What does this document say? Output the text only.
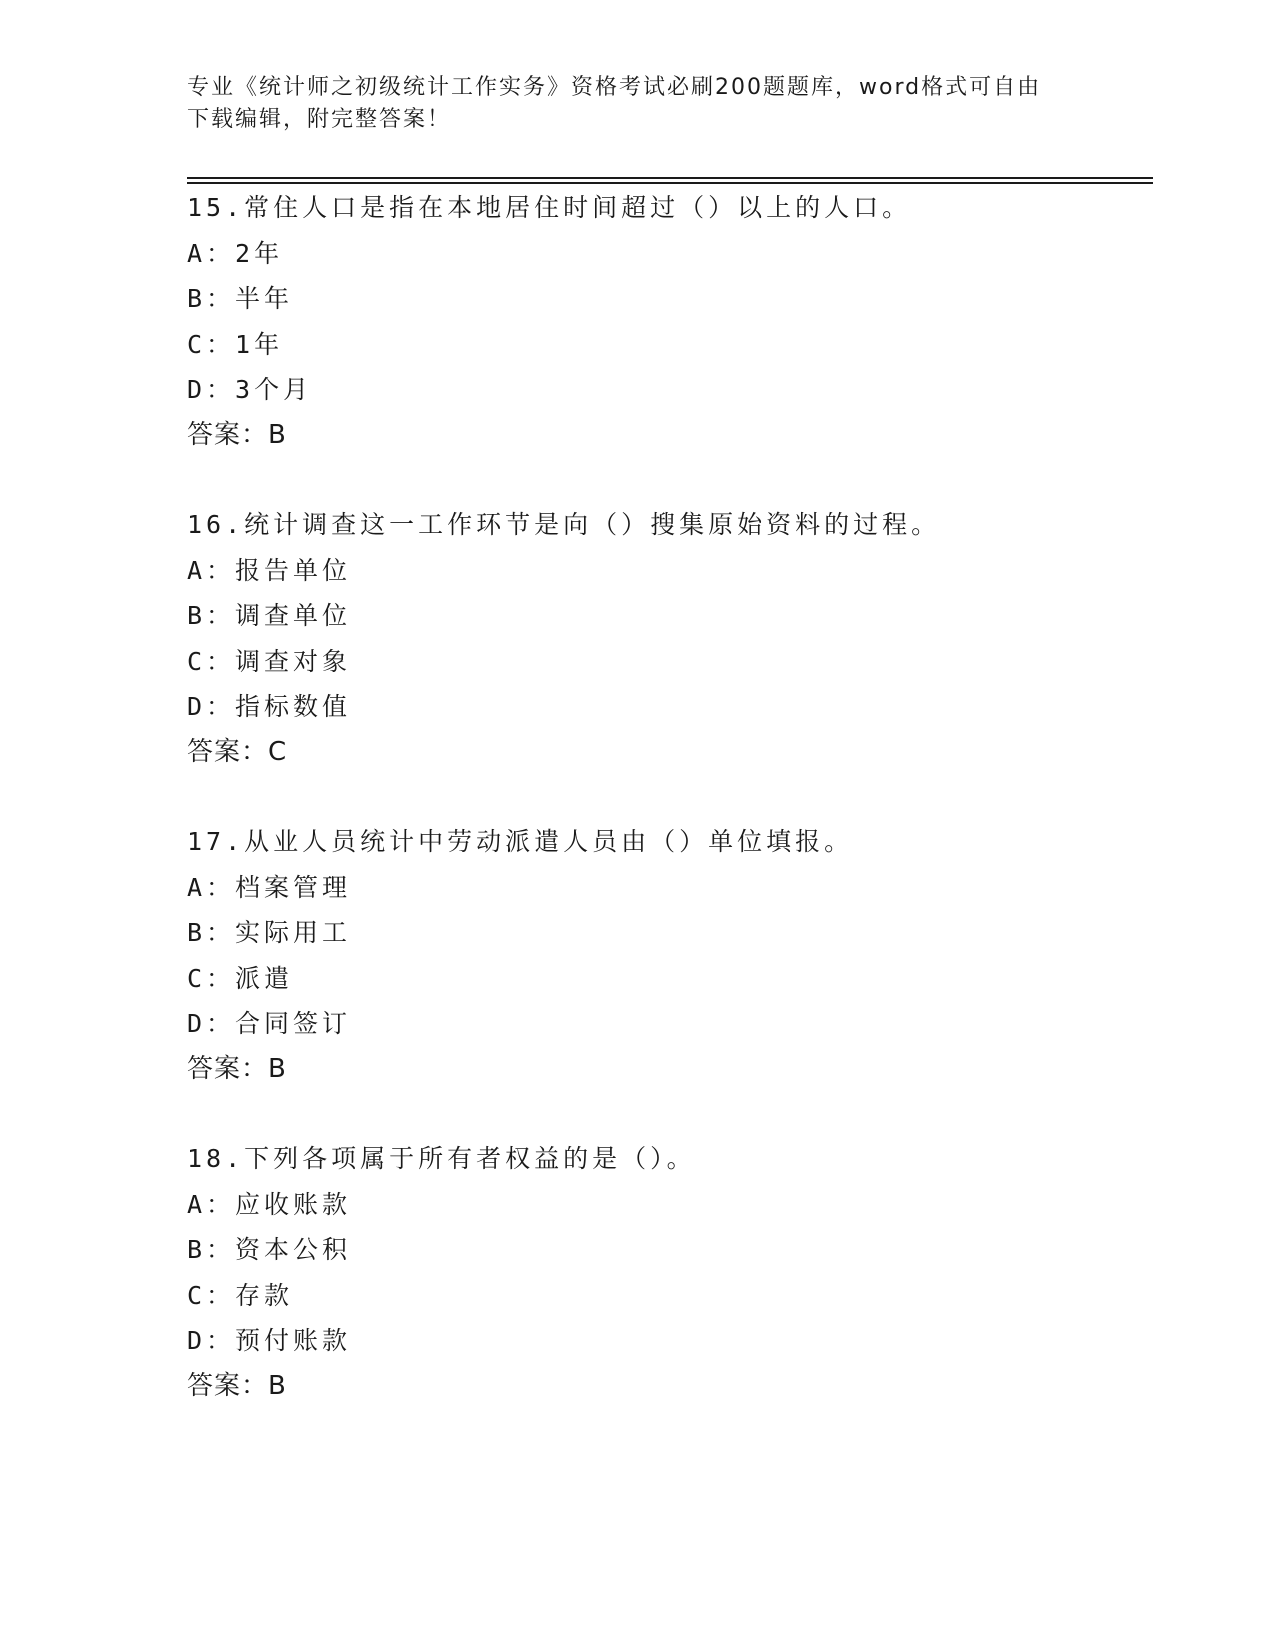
专业《统计师之初级统计工作实务》资格考试必刷200题题库，word格式可自由
下载编辑，附完整答案！
15.常住人口是指在本地居住时间超过（）以上的人口。
A：2年
B：半年
C：1年
D：3个月
答案：B
16.统计调查这一工作环节是向（）搜集原始资料的过程。
A：报告单位
B：调查单位
C：调查对象
D：指标数值
答案：C
17.从业人员统计中劳动派遣人员由（）单位填报。
A：档案管理
B：实际用工
C：派遣
D：合同签订
答案：B
18.下列各项属于所有者权益的是（）。
A：应收账款
B：资本公积
C：存款
D：预付账款
答案：B
